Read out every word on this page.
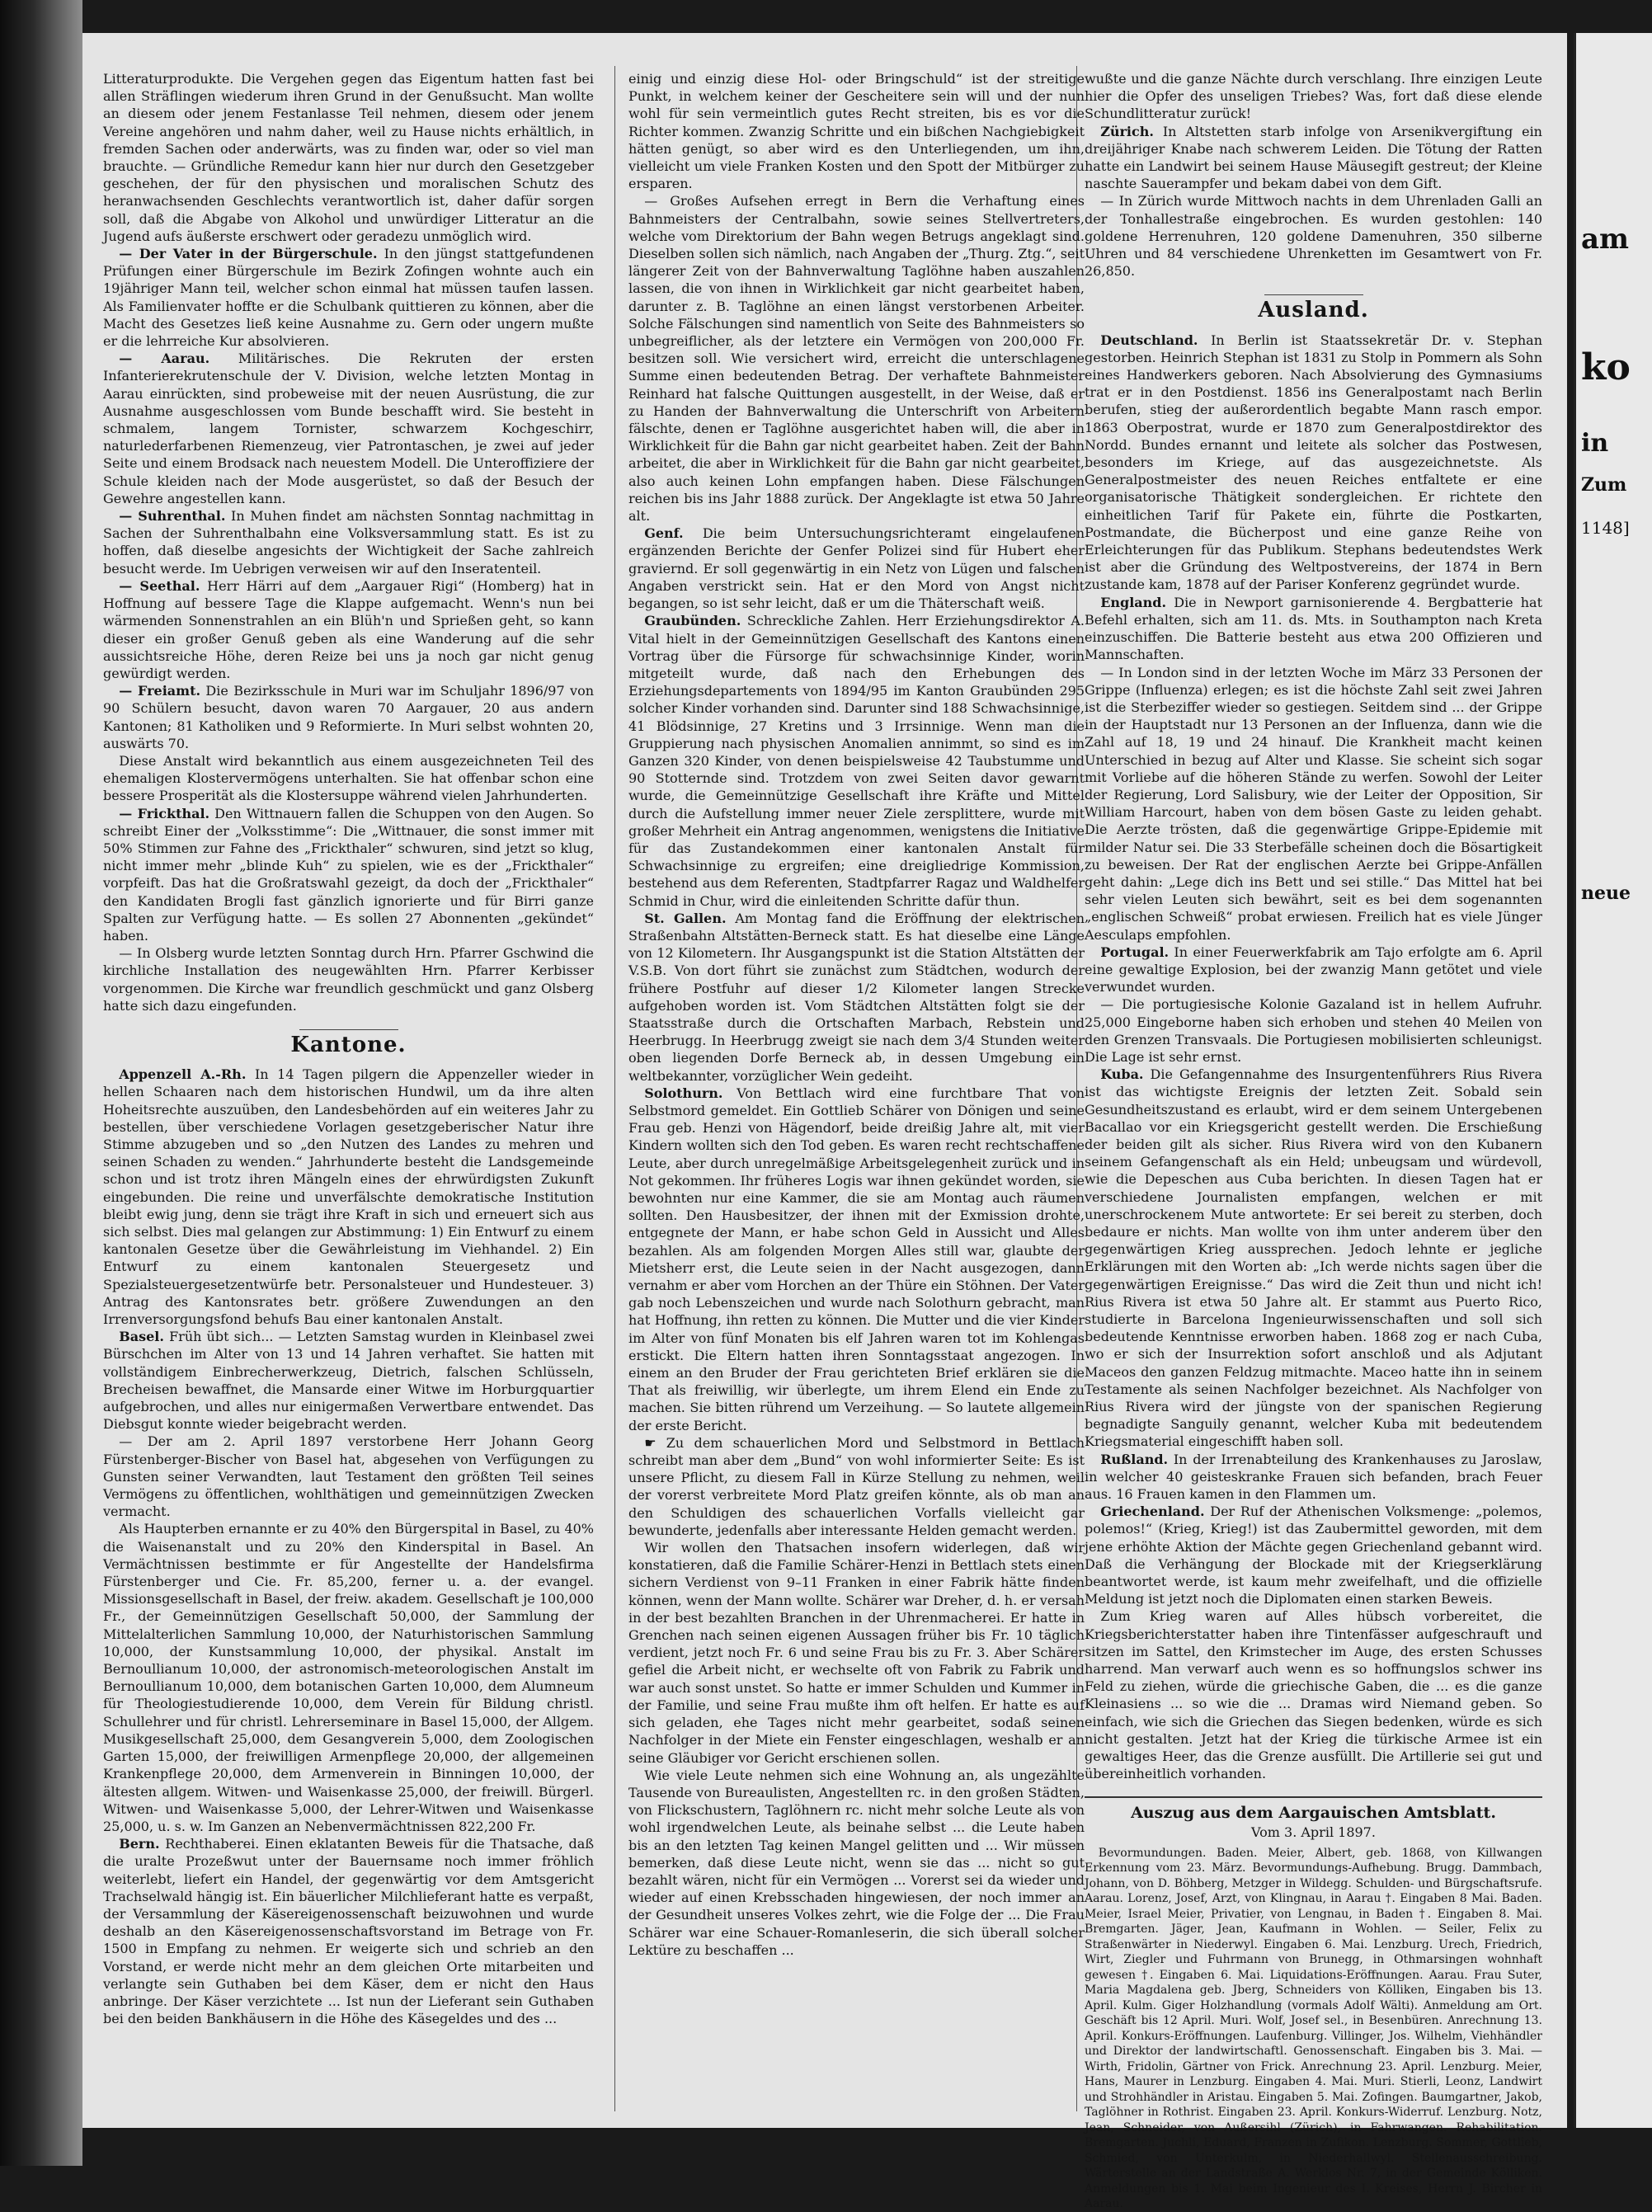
Litteraturprodukte. Die Vergehen gegen das Eigentum hatten fast bei allen Sträflingen wiederum ihren Grund in der Genußsucht. Man wollte an diesem oder jenem Festanlasse Teil nehmen, diesem oder jenem Vereine angehören und nahm daher, weil zu Hause nichts erhältlich, in fremden Sachen oder anderwärts, was zu finden war, oder so viel man brauchte. — Gründliche Remedur kann hier nur durch den Gesetzgeber geschehen, der für den physischen und moralischen Schutz des heranwachsenden Geschlechts verantwortlich ist, daher dafür sorgen soll, daß die Abgabe von Alkohol und unwürdiger Litteratur an die Jugend aufs äußerste erschwert oder geradezu unmöglich wird.

— Der Vater in der Bürgerschule. In den jüngst stattgefundenen Prüfungen einer Bürgerschule im Bezirk Zofingen wohnte auch ein 19jähriger Mann teil, welcher schon einmal hat müssen taufen lassen. Als Familienvater hoffte er die Schulbank quittieren zu können, aber die Macht des Gesetzes ließ keine Ausnahme zu. Gern oder ungern mußte er die lehrreiche Kur absolvieren.

— Aarau. Militärisches. Die Rekruten der ersten Infanterierekrutenschule der V. Division, welche letzten Montag in Aarau einrückten, sind probeweise mit der neuen Ausrüstung, die zur Ausnahme ausgeschlossen vom Bunde beschafft wird. Sie besteht in schmalem, langem Tornister, schwarzem Kochgeschirr, naturlederfarbenen Riemenzeug, vier Patrontaschen, je zwei auf jeder Seite und einem Brodsack nach neuestem Modell. Die Unteroffiziere der Schule kleiden nach der Mode ausgerüstet, so daß der Besuch der Gewehre angestellen kann.

— Suhrenthal. In Muhen findet am nächsten Sonntag nachmittag in Sachen der Suhrenthalbahn eine Volksversammlung statt. Es ist zu hoffen, daß dieselbe angesichts der Wichtigkeit der Sache zahlreich besucht werde. Im Uebrigen verweisen wir auf den Inseratenteil.

— Seethal. Herr Härri auf dem „Aargauer Rigi“ (Homberg) hat in Hoffnung auf bessere Tage die Klappe aufgemacht. Wenn's nun bei wärmenden Sonnenstrahlen an ein Blüh'n und Sprießen geht, so kann dieser ein großer Genuß geben als eine Wanderung auf die sehr aussichtsreiche Höhe, deren Reize bei uns ja noch gar nicht genug gewürdigt werden.

— Freiamt. Die Bezirksschule in Muri war im Schuljahr 1896/97 von 90 Schülern besucht, davon waren 70 Aargauer, 20 aus andern Kantonen; 81 Katholiken und 9 Reformierte. In Muri selbst wohnten 20, auswärts 70.

Diese Anstalt wird bekanntlich aus einem ausgezeichneten Teil des ehemaligen Klostervermögens unterhalten. Sie hat offenbar schon eine bessere Prosperität als die Klostersuppe während vielen Jahrhunderten.

— Frickthal. Den Wittnauern fallen die Schuppen von den Augen. So schreibt Einer der „Volksstimme“: Die „Wittnauer, die sonst immer mit 50% Stimmen zur Fahne des „Frickthaler“ schwuren, sind jetzt so klug, nicht immer mehr „blinde Kuh“ zu spielen, wie es der „Frickthaler“ vorpfeift. Das hat die Großratswahl gezeigt, da doch der „Frickthaler“ den Kandidaten Brogli fast gänzlich ignorierte und für Birri ganze Spalten zur Verfügung hatte. — Es sollen 27 Abonnenten „gekündet“ haben.

— In Olsberg wurde letzten Sonntag durch Hrn. Pfarrer Gschwind die kirchliche Installation des neugewählten Hrn. Pfarrer Kerbisser vorgenommen. Die Kirche war freundlich geschmückt und ganz Olsberg hatte sich dazu eingefunden.

Kantone.

Appenzell A.-Rh. In 14 Tagen pilgern die Appenzeller wieder in hellen Schaaren nach dem historischen Hundwil, um da ihre alten Hoheitsrechte auszuüben, den Landesbehörden auf ein weiteres Jahr zu bestellen, über verschiedene Vorlagen gesetzgeberischer Natur ihre Stimme abzugeben und so „den Nutzen des Landes zu mehren und seinen Schaden zu wenden.“ Jahrhunderte besteht die Landsgemeinde schon und ist trotz ihren Mängeln eines der ehrwürdigsten Zukunft eingebunden. Die reine und unverfälschte demokratische Institution bleibt ewig jung, denn sie trägt ihre Kraft in sich und erneuert sich aus sich selbst. Dies mal gelangen zur Abstimmung: 1) Ein Entwurf zu einem kantonalen Gesetze über die Gewährleistung im Viehhandel. 2) Ein Entwurf zu einem kantonalen Steuergesetz und Spezialsteuergesetzentwürfe betr. Personalsteuer und Hundesteuer. 3) Antrag des Kantonsrates betr. größere Zuwendungen an den Irrenversorgungsfond behufs Bau einer kantonalen Anstalt.

Basel. Früh übt sich... — Letzten Samstag wurden in Kleinbasel zwei Bürschchen im Alter von 13 und 14 Jahren verhaftet. Sie hatten mit vollständigem Einbrecherwerkzeug, Dietrich, falschen Schlüsseln, Brecheisen bewaffnet, die Mansarde einer Witwe im Horburgquartier aufgebrochen, und alles nur einigermaßen Verwertbare entwendet. Das Diebsgut konnte wieder beigebracht werden.

— Der am 2. April 1897 verstorbene Herr Johann Georg Fürstenberger-Bischer von Basel hat, abgesehen von Verfügungen zu Gunsten seiner Verwandten, laut Testament den größten Teil seines Vermögens zu öffentlichen, wohlthätigen und gemeinnützigen Zwecken vermacht.

Als Haupterben ernannte er zu 40% den Bürgerspital in Basel, zu 40% die Waisenanstalt und zu 20% den Kinderspital in Basel. An Vermächtnissen bestimmte er für Angestellte der Handelsfirma Fürstenberger und Cie. Fr. 85,200, ferner u. a. der evangel. Missionsgesellschaft in Basel, der freiw. akadem. Gesellschaft je 100,000 Fr., der Gemeinnützigen Gesellschaft 50,000, der Sammlung der Mittelalterlichen Sammlung 10,000, der Naturhistorischen Sammlung 10,000, der Kunstsammlung 10,000, der physikal. Anstalt im Bernoullianum 10,000, der astronomisch-meteorologischen Anstalt im Bernoullianum 10,000, dem botanischen Garten 10,000, dem Alumneum für Theologiestudierende 10,000, dem Verein für Bildung christl. Schullehrer und für christl. Lehrerseminare in Basel 15,000, der Allgem. Musikgesellschaft 25,000, dem Gesangverein 5,000, dem Zoologischen Garten 15,000, der freiwilligen Armenpflege 20,000, der allgemeinen Krankenpflege 20,000, dem Armenverein in Binningen 10,000, der ältesten allgem. Witwen- und Waisenkasse 25,000, der freiwill. Bürgerl. Witwen- und Waisenkasse 5,000, der Lehrer-Witwen und Waisenkasse 25,000, u. s. w. Im Ganzen an Nebenvermächtnissen 822,200 Fr.

Bern. Rechthaberei. Einen eklatanten Beweis für die Thatsache, daß die uralte Prozeßwut unter der Bauernsame noch immer fröhlich weiterlebt, liefert ein Handel, der gegenwärtig vor dem Amtsgericht Trachselwald hängig ist. Ein bäuerlicher Milchlieferant hatte es verpaßt, der Versammlung der Käsereigenossenschaft beizuwohnen und wurde deshalb an den Käsereigenossenschaftsvorstand im Betrage von Fr. 1500 in Empfang zu nehmen. Er weigerte sich und schrieb an den Vorstand, er werde nicht mehr an dem gleichen Orte mitarbeiten und verlangte sein Guthaben bei dem Käser, dem er nicht den Haus anbringe. Der Käser verzichtete ... Ist nun der Lieferant sein Guthaben bei den beiden Bankhäusern in die Höhe des Käsegeldes und des ...

einig und einzig diese Hol- oder Bringschuld“ ist der streitige Punkt, in welchem keiner der Gescheitere sein will und der nun wohl für sein vermeintlich gutes Recht streiten, bis es vor die Richter kommen. Zwanzig Schritte und ein bißchen Nachgiebigkeit hätten genügt, so aber wird es den Unterliegenden, um ihn, vielleicht um viele Franken Kosten und den Spott der Mitbürger zu ersparen.

— Großes Aufsehen erregt in Bern die Verhaftung eines Bahnmeisters der Centralbahn, sowie seines Stellvertreters, welche vom Direktorium der Bahn wegen Betrugs angeklagt sind. Dieselben sollen sich nämlich, nach Angaben der „Thurg. Ztg.“, seit längerer Zeit von der Bahnverwaltung Taglöhne haben auszahlen lassen, die von ihnen in Wirklichkeit gar nicht gearbeitet haben, darunter z. B. Taglöhne an einen längst verstorbenen Arbeiter. Solche Fälschungen sind namentlich von Seite des Bahnmeisters so unbegreiflicher, als der letztere ein Vermögen von 200,000 Fr. besitzen soll. Wie versichert wird, erreicht die unterschlagene Summe einen bedeutenden Betrag. Der verhaftete Bahnmeister Reinhard hat falsche Quittungen ausgestellt, in der Weise, daß er zu Handen der Bahnverwaltung die Unterschrift von Arbeitern fälschte, denen er Taglöhne ausgerichtet haben will, die aber in Wirklichkeit für die Bahn gar nicht gearbeitet haben. Zeit der Bahn arbeitet, die aber in Wirklichkeit für die Bahn gar nicht gearbeitet, also auch keinen Lohn empfangen haben. Diese Fälschungen reichen bis ins Jahr 1888 zurück. Der Angeklagte ist etwa 50 Jahre alt.

Genf. Die beim Untersuchungsrichteramt eingelaufenen ergänzenden Berichte der Genfer Polizei sind für Hubert eher graviernd. Er soll gegenwärtig in ein Netz von Lügen und falschen Angaben verstrickt sein. Hat er den Mord von Angst nicht begangen, so ist sehr leicht, daß er um die Thäterschaft weiß.

Graubünden. Schreckliche Zahlen. Herr Erziehungsdirektor A. Vital hielt in der Gemeinnützigen Gesellschaft des Kantons einen Vortrag über die Fürsorge für schwachsinnige Kinder, worin mitgeteilt wurde, daß nach den Erhebungen des Erziehungsdepartements von 1894/95 im Kanton Graubünden 295 solcher Kinder vorhanden sind. Darunter sind 188 Schwachsinnige, 41 Blödsinnige, 27 Kretins und 3 Irrsinnige. Wenn man die Gruppierung nach physischen Anomalien annimmt, so sind es im Ganzen 320 Kinder, von denen beispielsweise 42 Taubstumme und 90 Stotternde sind. Trotzdem von zwei Seiten davor gewarnt wurde, die Gemeinnützige Gesellschaft ihre Kräfte und Mittel durch die Aufstellung immer neuer Ziele zersplittere, wurde mit großer Mehrheit ein Antrag angenommen, wenigstens die Initiative für das Zustandekommen einer kantonalen Anstalt für Schwachsinnige zu ergreifen; eine dreigliedrige Kommission, bestehend aus dem Referenten, Stadtpfarrer Ragaz und Waldhelfer Schmid in Chur, wird die einleitenden Schritte dafür thun.

St. Gallen. Am Montag fand die Eröffnung der elektrischen Straßenbahn Altstätten-Berneck statt. Es hat dieselbe eine Länge von 12 Kilometern. Ihr Ausgangspunkt ist die Station Altstätten der V.S.B. Von dort führt sie zunächst zum Städtchen, wodurch der frühere Postfuhr auf dieser 1/2 Kilometer langen Strecke aufgehoben worden ist. Vom Städtchen Altstätten folgt sie der Staatsstraße durch die Ortschaften Marbach, Rebstein und Heerbrugg. In Heerbrugg zweigt sie nach dem 3/4 Stunden weiter oben liegenden Dorfe Berneck ab, in dessen Umgebung ein weltbekannter, vorzüglicher Wein gedeiht.

Solothurn. Von Bettlach wird eine furchtbare That von Selbstmord gemeldet. Ein Gottlieb Schärer von Dönigen und seine Frau geb. Henzi von Hägendorf, beide dreißig Jahre alt, mit vier Kindern wollten sich den Tod geben. Es waren recht rechtschaffene Leute, aber durch unregelmäßige Arbeitsgelegenheit zurück und in Not gekommen. Ihr früheres Logis war ihnen gekündet worden, sie bewohnten nur eine Kammer, die sie am Montag auch räumen sollten. Den Hausbesitzer, der ihnen mit der Exmission drohte, entgegnete der Mann, er habe schon Geld in Aussicht und Alles bezahlen. Als am folgenden Morgen Alles still war, glaubte der Mietsherr erst, die Leute seien in der Nacht ausgezogen, dann vernahm er aber vom Horchen an der Thüre ein Stöhnen. Der Vater gab noch Lebenszeichen und wurde nach Solothurn gebracht, man hat Hoffnung, ihn retten zu können. Die Mutter und die vier Kinder im Alter von fünf Monaten bis elf Jahren waren tot im Kohlengas erstickt. Die Eltern hatten ihren Sonntagsstaat angezogen. In einem an den Bruder der Frau gerichteten Brief erklären sie die That als freiwillig, wir überlegte, um ihrem Elend ein Ende zu machen. Sie bitten rührend um Verzeihung. — So lautete allgemein der erste Bericht.

☛ Zu dem schauerlichen Mord und Selbstmord in Bettlach schreibt man aber dem „Bund“ von wohl informierter Seite: Es ist unsere Pflicht, zu diesem Fall in Kürze Stellung zu nehmen, weil der vorerst verbreitete Mord Platz greifen könnte, als ob man an den Schuldigen des schauerlichen Vorfalls vielleicht gar bewunderte, jedenfalls aber interessante Helden gemacht werden.

Wir wollen den Thatsachen insofern widerlegen, daß wir konstatieren, daß die Familie Schärer-Henzi in Bettlach stets einen sichern Verdienst von 9–11 Franken in einer Fabrik hätte finden können, wenn der Mann wollte. Schärer war Dreher, d. h. er versah in der best bezahlten Branchen in der Uhrenmacherei. Er hatte in Grenchen nach seinen eigenen Aussagen früher bis Fr. 10 täglich verdient, jetzt noch Fr. 6 und seine Frau bis zu Fr. 3. Aber Schärer gefiel die Arbeit nicht, er wechselte oft von Fabrik zu Fabrik und war auch sonst unstet. So hatte er immer Schulden und Kummer in der Familie, und seine Frau mußte ihm oft helfen. Er hatte es auf sich geladen, ehe Tages nicht mehr gearbeitet, sodaß seinen Nachfolger in der Miete ein Fenster eingeschlagen, weshalb er an seine Gläubiger vor Gericht erschienen sollen.

Wie viele Leute nehmen sich eine Wohnung an, als ungezählte Tausende von Bureaulisten, Angestellten rc. in den großen Städten, von Flickschustern, Taglöhnern rc. nicht mehr solche Leute als von wohl irgendwelchen Leute, als beinahe selbst ... die Leute haben bis an den letzten Tag keinen Mangel gelitten und ... Wir müssen bemerken, daß diese Leute nicht, wenn sie das ... nicht so gut bezahlt wären, nicht für ein Vermögen ... Vorerst sei da wieder und wieder auf einen Krebsschaden hingewiesen, der noch immer an der Gesundheit unseres Volkes zehrt, wie die Folge der ... Die Frau Schärer war eine Schauer-Romanleserin, die sich überall solcher Lektüre zu beschaffen ...

wußte und die ganze Nächte durch verschlang. Ihre einzigen Leute hier die Opfer des unseligen Triebes? Was, fort daß diese elende Schundlitteratur zurück!

Zürich. In Altstetten starb infolge von Arsenikvergiftung ein dreijähriger Knabe nach schwerem Leiden. Die Tötung der Ratten hatte ein Landwirt bei seinem Hause Mäusegift gestreut; der Kleine naschte Sauerampfer und bekam dabei von dem Gift.

— In Zürich wurde Mittwoch nachts in dem Uhrenladen Galli an der Tonhallestraße eingebrochen. Es wurden gestohlen: 140 goldene Herrenuhren, 120 goldene Damenuhren, 350 silberne Uhren und 84 verschiedene Uhrenketten im Gesamtwert von Fr. 26,850.

Ausland.

Deutschland. In Berlin ist Staatssekretär Dr. v. Stephan gestorben. Heinrich Stephan ist 1831 zu Stolp in Pommern als Sohn eines Handwerkers geboren. Nach Absolvierung des Gymnasiums trat er in den Postdienst. 1856 ins Generalpostamt nach Berlin berufen, stieg der außerordentlich begabte Mann rasch empor. 1863 Oberpostrat, wurde er 1870 zum Generalpostdirektor des Nordd. Bundes ernannt und leitete als solcher das Postwesen, besonders im Kriege, auf das ausgezeichnetste. Als Generalpostmeister des neuen Reiches entfaltete er eine organisatorische Thätigkeit sondergleichen. Er richtete den einheitlichen Tarif für Pakete ein, führte die Postkarten, Postmandate, die Bücherpost und eine ganze Reihe von Erleichterungen für das Publikum. Stephans bedeutendstes Werk ist aber die Gründung des Weltpostvereins, der 1874 in Bern zustande kam, 1878 auf der Pariser Konferenz gegründet wurde.

England. Die in Newport garnisonierende 4. Bergbatterie hat Befehl erhalten, sich am 11. ds. Mts. in Southampton nach Kreta einzuschiffen. Die Batterie besteht aus etwa 200 Offizieren und Mannschaften.

— In London sind in der letzten Woche im März 33 Personen der Grippe (Influenza) erlegen; es ist die höchste Zahl seit zwei Jahren ist die Sterbeziffer wieder so gestiegen. Seitdem sind ... der Grippe in der Hauptstadt nur 13 Personen an der Influenza, dann wie die Zahl auf 18, 19 und 24 hinauf. Die Krankheit macht keinen Unterschied in bezug auf Alter und Klasse. Sie scheint sich sogar mit Vorliebe auf die höheren Stände zu werfen. Sowohl der Leiter der Regierung, Lord Salisbury, wie der Leiter der Opposition, Sir William Harcourt, haben von dem bösen Gaste zu leiden gehabt. Die Aerzte trösten, daß die gegenwärtige Grippe-Epidemie mit milder Natur sei. Die 33 Sterbefälle scheinen doch die Bösartigkeit zu beweisen. Der Rat der englischen Aerzte bei Grippe-Anfällen geht dahin: „Lege dich ins Bett und sei stille.“ Das Mittel hat bei sehr vielen Leuten sich bewährt, seit es bei dem sogenannten „englischen Schweiß“ probat erwiesen. Freilich hat es viele Jünger Aesculaps empfohlen.

Portugal. In einer Feuerwerkfabrik am Tajo erfolgte am 6. April eine gewaltige Explosion, bei der zwanzig Mann getötet und viele verwundet wurden.

— Die portugiesische Kolonie Gazaland ist in hellem Aufruhr. 25,000 Eingeborne haben sich erhoben und stehen 40 Meilen von den Grenzen Transvaals. Die Portugiesen mobilisierten schleunigst. Die Lage ist sehr ernst.

Kuba. Die Gefangennahme des Insurgentenführers Rius Rivera ist das wichtigste Ereignis der letzten Zeit. Sobald sein Gesundheitszustand es erlaubt, wird er dem seinem Untergebenen Bacallao vor ein Kriegsgericht gestellt werden. Die Erschießung der beiden gilt als sicher. Rius Rivera wird von den Kubanern seinem Gefangenschaft als ein Held; unbeugsam und würdevoll, wie die Depeschen aus Cuba berichten. In diesen Tagen hat er verschiedene Journalisten empfangen, welchen er mit unerschrockenem Mute antwortete: Er sei bereit zu sterben, doch bedaure er nichts. Man wollte von ihm unter anderem über den gegenwärtigen Krieg aussprechen. Jedoch lehnte er jegliche Erklärungen mit den Worten ab: „Ich werde nichts sagen über die gegenwärtigen Ereignisse.“ Das wird die Zeit thun und nicht ich! Rius Rivera ist etwa 50 Jahre alt. Er stammt aus Puerto Rico, studierte in Barcelona Ingenieurwissenschaften und soll sich bedeutende Kenntnisse erworben haben. 1868 zog er nach Cuba, wo er sich der Insurrektion sofort anschloß und als Adjutant Maceos den ganzen Feldzug mitmachte. Maceo hatte ihn in seinem Testamente als seinen Nachfolger bezeichnet. Als Nachfolger von Rius Rivera wird der jüngste von der spanischen Regierung begnadigte Sanguily genannt, welcher Kuba mit bedeutendem Kriegsmaterial eingeschifft haben soll.

Rußland. In der Irrenabteilung des Krankenhauses zu Jaroslaw, in welcher 40 geisteskranke Frauen sich befanden, brach Feuer aus. 16 Frauen kamen in den Flammen um.

Griechenland. Der Ruf der Athenischen Volksmenge: „polemos, polemos!“ (Krieg, Krieg!) ist das Zaubermittel geworden, mit dem jene erhöhte Aktion der Mächte gegen Griechenland gebannt wird. Daß die Verhängung der Blockade mit der Kriegserklärung beantwortet werde, ist kaum mehr zweifelhaft, und die offizielle Meldung ist jetzt noch die Diplomaten einen starken Beweis.

Zum Krieg waren auf Alles hübsch vorbereitet, die Kriegsberichterstatter haben ihre Tintenfässer aufgeschrauft und sitzen im Sattel, den Krimstecher im Auge, des ersten Schusses harrend. Man verwarf auch wenn es so hoffnungslos schwer ins Feld zu ziehen, würde die griechische Gaben, die ... es die ganze Kleinasiens ... so wie die ... Dramas wird Niemand geben. So einfach, wie sich die Griechen das Siegen bedenken, würde es sich nicht gestalten. Jetzt hat der Krieg die türkische Armee ist ein gewaltiges Heer, das die Grenze ausfüllt. Die Artillerie sei gut und übereinheitlich vorhanden.

Auszug aus dem Aargauischen Amtsblatt.
Vom 3. April 1897.

Bevormundungen. Baden. Meier, Albert, geb. 1868, von Killwangen Erkennung vom 23. März. Bevormundungs-Aufhebung. Brugg. Dammbach, Johann, von D. Böhberg, Metzger in Wildegg. Schulden- und Bürgschaftsrufe. Aarau. Lorenz, Josef, Arzt, von Klingnau, in Aarau †. Eingaben 8 Mai. Baden. Meier, Israel Meier, Privatier, von Lengnau, in Baden †. Eingaben 8. Mai. Bremgarten. Jäger, Jean, Kaufmann in Wohlen. — Seiler, Felix zu Straßenwärter in Niederwyl. Eingaben 6. Mai. Lenzburg. Urech, Friedrich, Wirt, Ziegler und Fuhrmann von Brunegg, in Othmarsingen wohnhaft gewesen †. Eingaben 6. Mai. Liquidations-Eröffnungen. Aarau. Frau Suter, Maria Magdalena geb. Jberg, Schneiders von Kölliken, Eingaben bis 13. April. Kulm. Giger Holzhandlung (vormals Adolf Wälti). Anmeldung am Ort. Geschäft bis 12 April. Muri. Wolf, Josef sel., in Besenbüren. Anrechnung 13. April. Konkurs-Eröffnungen. Laufenburg. Villinger, Jos. Wilhelm, Viehhändler und Direktor der landwirtschaftl. Genossenschaft. Eingaben bis 3. Mai. — Wirth, Fridolin, Gärtner von Frick. Anrechnung 23. April. Lenzburg. Meier, Hans, Maurer in Lenzburg. Eingaben 4. Mai. Muri. Stierli, Leonz, Landwirt und Strohhändler in Aristau. Eingaben 5. Mai. Zofingen. Baumgartner, Jakob, Taglöhner in Rothrist. Eingaben 23. April. Konkurs-Widerruf. Lenzburg. Notz, Jean, Schneider, von Außersihl (Zürich), in Fahrwangen. Rehabilitation. Bremgarten. Juchli, Eduard, Franzen in Zufikon. Lenzburg. Sommer, Gottlieb, Schmied, von Unterkulm, in Niederhallwyl. Stellenausschreibung. Wärterstelle an der Landstraße A. Werklos Nr. 7, in der Gemeinde Kölliken. Anmeldungen bis 1. Mai beim Ingenieur des I. Kreises, Herrn J. Bircher in Aarau.

am
ko
in
Zum
1148]
neue
